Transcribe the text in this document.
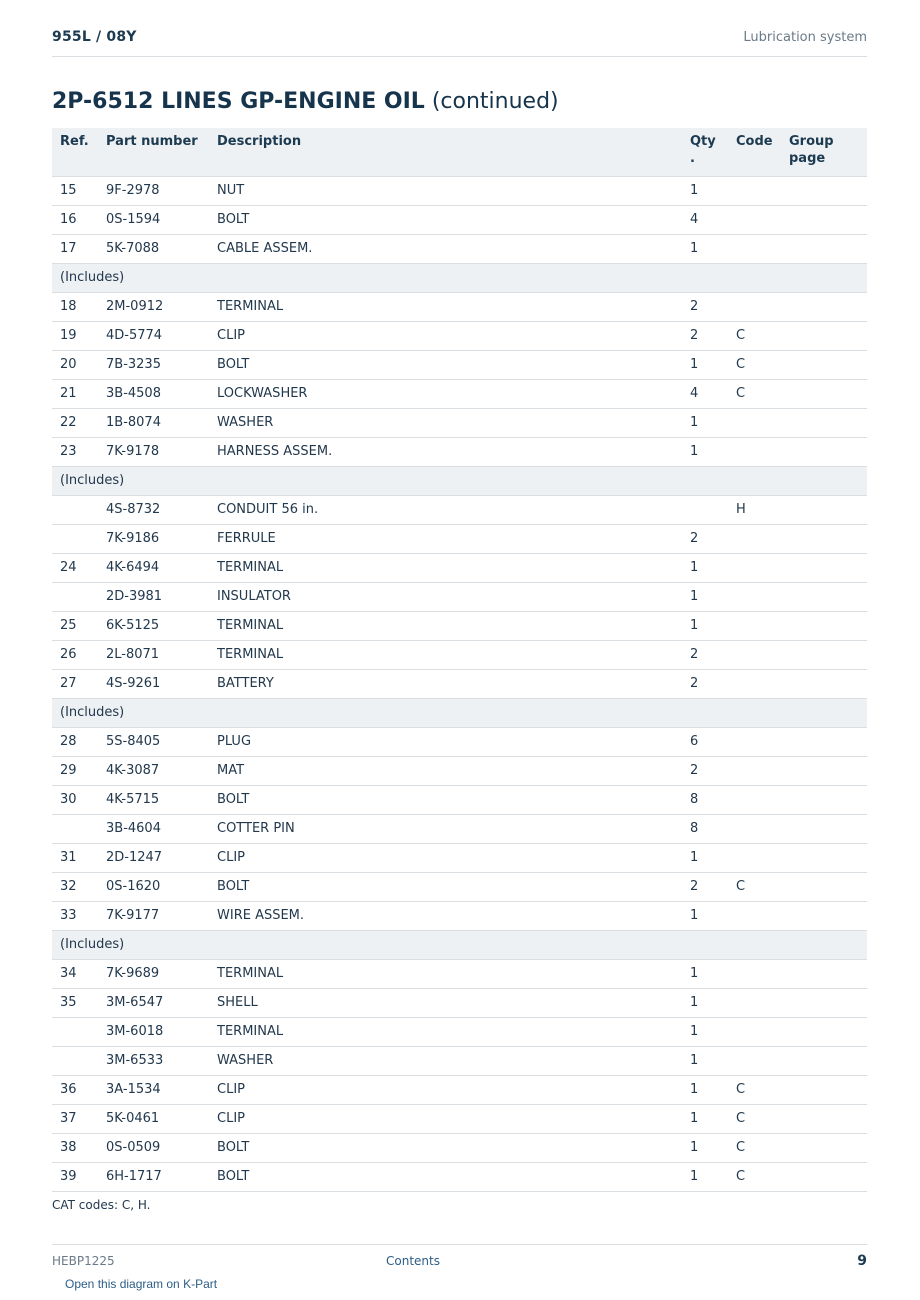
955L / 08Y	Lubrication system
2P-6512 LINES GP-ENGINE OIL (continued)
Ref.	Part number	Description	Qty .	Code	Group page
15	9F-2978	NUT	1		
16	0S-1594	BOLT	4		
17	5K-7088	CABLE ASSEM.	1		
(Includes)					
18	2M-0912	TERMINAL	2		
19	4D-5774	CLIP	2	C	
20	7B-3235	BOLT	1	C	
21	3B-4508	LOCKWASHER	4	C	
22	1B-8074	WASHER	1		
23	7K-9178	HARNESS ASSEM.	1		
(Includes)					
	4S-8732	CONDUIT 56 in.		H	
	7K-9186	FERRULE	2		
24	4K-6494	TERMINAL	1		
	2D-3981	INSULATOR	1		
25	6K-5125	TERMINAL	1		
26	2L-8071	TERMINAL	2		
27	4S-9261	BATTERY	2		
(Includes)					
28	5S-8405	PLUG	6		
29	4K-3087	MAT	2		
30	4K-5715	BOLT	8		
	3B-4604	COTTER PIN	8		
31	2D-1247	CLIP	1		
32	0S-1620	BOLT	2	C	
33	7K-9177	WIRE ASSEM.	1		
(Includes)					
34	7K-9689	TERMINAL	1		
35	3M-6547	SHELL	1		
	3M-6018	TERMINAL	1		
	3M-6533	WASHER	1		
36	3A-1534	CLIP	1	C	
37	5K-0461	CLIP	1	C	
38	0S-0509	BOLT	1	C	
39	6H-1717	BOLT	1	C	
CAT codes: C, H.
HEBP1225	Contents	9
Open this diagram on K-Part
